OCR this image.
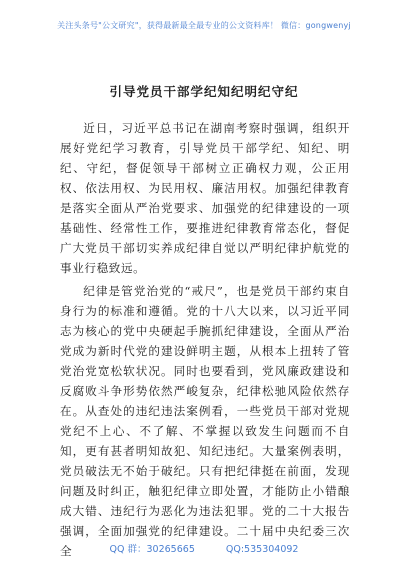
关注头条号"公文研究"，获得最新最全最专业的公文资料库！ 微信：gongwenyj
引导党员干部学纪知纪明纪守纪

近日，习近平总书记在湖南考察时强调，组织开展好党纪学习教育，引导党员干部学纪、知纪、明纪、守纪，督促领导干部树立正确权力观，公正用权、依法用权、为民用权、廉洁用权。加强纪律教育是落实全面从严治党要求、加强党的纪律建设的一项基础性、经常性工作，要推进纪律教育常态化，督促广大党员干部切实养成纪律自觉以严明纪律护航党的事业行稳致远。

纪律是管党治党的“戒尺”，也是党员干部约束自身行为的标准和遵循。党的十八大以来，以习近平同志为核心的党中央硬起手腕抓纪律建设，全面从严治党成为新时代党的建设鲜明主题，从根本上扭转了管党治党宽松软状况。同时也要看到，党风廉政建设和反腐败斗争形势依然严峻复杂，纪律松驰风险依然存在。从查处的违纪违法案例看，一些党员干部对党规党纪不上心、不了解、不掌握以致发生问题而不自知，更有甚者明知故犯、知纪违纪。大量案例表明，党员破法无不始于破纪。只有把纪律挺在前面，发现问题及时纠正，触犯纪律立即处置，才能防止小错酿成大错、违纪行为恶化为违法犯罪。党的二十大报告强调，全面加强党的纪律建设。二十届中央纪委三次全	QQ 群：30265665	QQ:535304092
